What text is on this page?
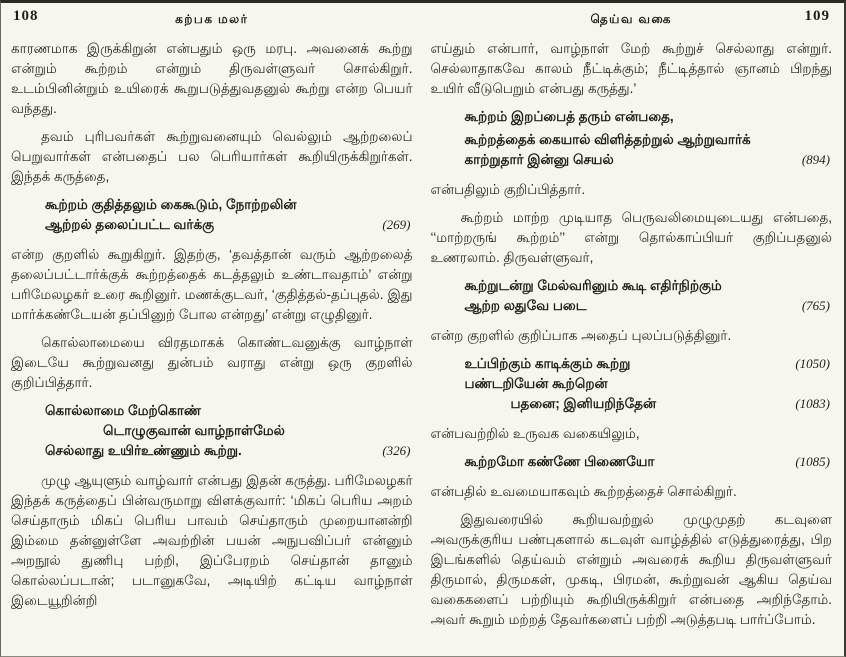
108	கற்பக மலர்

காரணமாக இருக்கிறுன் என்பதும் ஒரு மரபு. அவனைக் கூற்று என்றும் கூற்றம் என்றும் திருவள்ளுவர் சொல்கிறுர். உடம்பினின்றும் உயிரைக் கூறுபடுத்துவதனுல் கூற்று என்ற பெயர் வந்தது.

தவம் புரிபவர்கள் கூற்றுவனையும் வெல்லும் ஆற்றலைப் பெறுவார்கள் என்பதைப் பல பெரியார்கள் கூறியிருக்கிறுர்கள். இந்தக் கருத்தை,

கூற்றம் குதித்தலும் கைகூடும், நோற்றலின்
ஆற்றல் தலைப்பட்ட வர்க்கு	(269)

என்ற குறளில் கூறுகிறுர். இதற்கு, ‘தவத்தான் வரும் ஆற்றலைத் தலைப்பட்டார்க்குக் கூற்றத்தைக் கடத்தலும் உண்டாவதாம்’ என்று பரிமேலழகர் உரை கூறினுர். மணக்குடவர், ‘குதித்தல்-தப்புதல். இது மார்க்கண்டேயன் தப்பினுற் போல என்றது’ என்று எழுதினுர்.

கொல்லாமையை விரதமாகக் கொண்டவனுக்கு வாழ்நாள் இடையே கூற்றுவனது துன்பம் வராது என்று ஒரு குறளில் குறிப்பித்தார்.

கொல்லாமை மேற்கொண்
டொழுகுவான் வாழ்நாள்மேல்
செல்லாது உயிர்உண்ணும் கூற்று.	(326)

முழு ஆயுளும் வாழ்வார் என்பது இதன் கருத்து. பரிமேலழகர் இந்தக் கருத்தைப் பின்வருமாறு விளக்குவார்: ‘மிகப் பெரிய அறம் செய்தாரும் மிகப் பெரிய பாவம் செய்தாரும் முறையானன்றி இம்மை தன்னுள்ளே அவற்றின் பயன் அநுபவிப்பர் என்னும் அறநூல் துணிபு பற்றி, இப்பேரறம் செய்தான் தானும் கொல்லப்படான்; படானுகவே, அடியிற் கட்டிய வாழ்நாள் இடையூறின்றி

தெய்வ வகை	109

எய்தும் என்பார், வாழ்நாள் மேற் கூற்றுச் செல்லாது என்றுர். செல்லாதாகவே காலம் நீட்டிக்கும்; நீட்டித்தால் ஞானம் பிறந்து உயிர் வீடுபெறும் என்பது கருத்து.’

கூற்றம் இறப்பைத் தரும் என்பதை,

கூற்றத்தைக் கையால் விளித்தற்றுல் ஆற்றுவார்க்
காற்றுதார் இன்னு செயல்	(894)

என்பதிலும் குறிப்பித்தார்.

கூற்றம் மாற்ற முடியாத பெருவலிமையுடையது என்பதை, ‘‘மாற்றருங் கூற்றம்’’ என்று தொல்காப்பியர் குறிப்பதனுல் உணரலாம். திருவள்ளுவர்,

கூற்றுடன்று மேல்வரினும் கூடி எதிர்நிற்கும்
ஆற்ற லதுவே படை	(765)

என்ற குறளில் குறிப்பாக அதைப் புலப்படுத்தினுர்.

உப்பிற்கும் காடிக்கும் கூற்று	(1050)
பண்டறியேன் கூற்றென்
பதனை; இனியறிந்தேன்	(1083)

என்பவற்றில் உருவக வகையிலும்,

கூற்றமோ கண்ணே பிணையோ	(1085)

என்பதில் உவமையாகவும் கூற்றத்தைச் சொல்கிறுர்.

இதுவரையில் கூறியவற்றுல் முழுமுதற் கடவுளை அவருக்குரிய பண்புகளால் கடவுள் வாழ்த்தில் எடுத்துரைத்து, பிற இடங்களில் தெய்வம் என்றும் அவரைக் கூறிய திருவள்ளுவர் திருமால், திருமகள், முகடி, பிரமன், கூற்றுவன் ஆகிய தெய்வ வகைகளைப் பற்றியும் கூறியிருக்கிறுர் என்பதை அறிந்தோம். அவர் கூறும் மற்றத் தேவர்களைப் பற்றி அடுத்தபடி பார்ப்போம்.
